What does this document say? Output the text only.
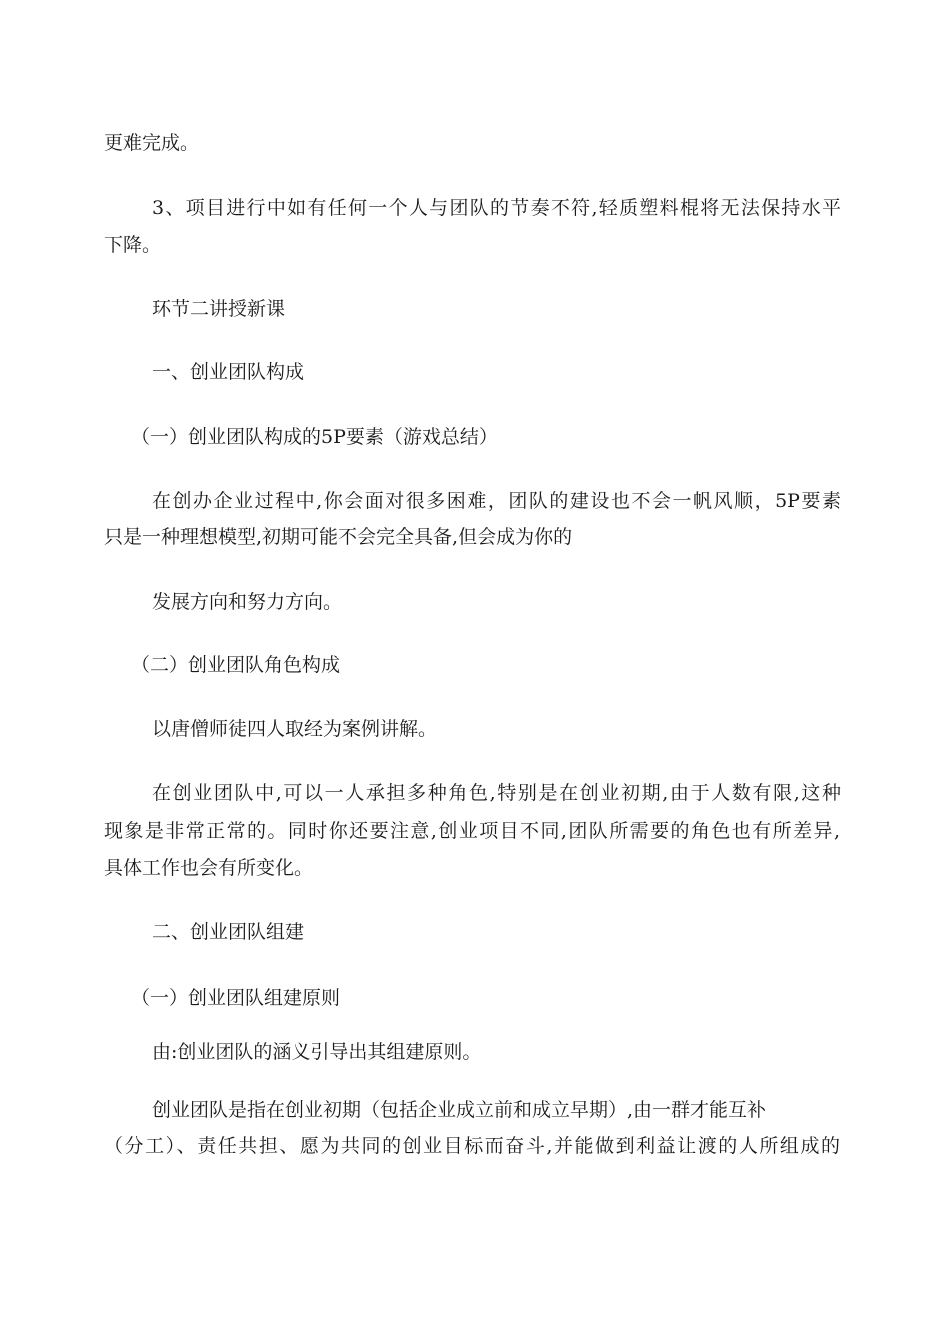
更难完成。
3、项目进行中如有任何一个人与团队的节奏不符,轻质塑料棍将无法保持水平
下降。
环节二讲授新课
一、创业团队构成
（一）创业团队构成的5P要素（游戏总结）
在创办企业过程中,你会面对很多困难，团队的建设也不会一帆风顺，5P要素
只是一种理想模型,初期可能不会完全具备,但会成为你的
发展方向和努力方向。
（二）创业团队角色构成
以唐僧师徒四人取经为案例讲解。
在创业团队中,可以一人承担多种角色,特别是在创业初期,由于人数有限,这种
现象是非常正常的。同时你还要注意,创业项目不同,团队所需要的角色也有所差异,
具体工作也会有所变化。
二、创业团队组建
（一）创业团队组建原则
由:创业团队的涵义引导出其组建原则。
创业团队是指在创业初期（包括企业成立前和成立早期）,由一群才能互补
（分工）、责任共担、愿为共同的创业目标而奋斗,并能做到利益让渡的人所组成的
